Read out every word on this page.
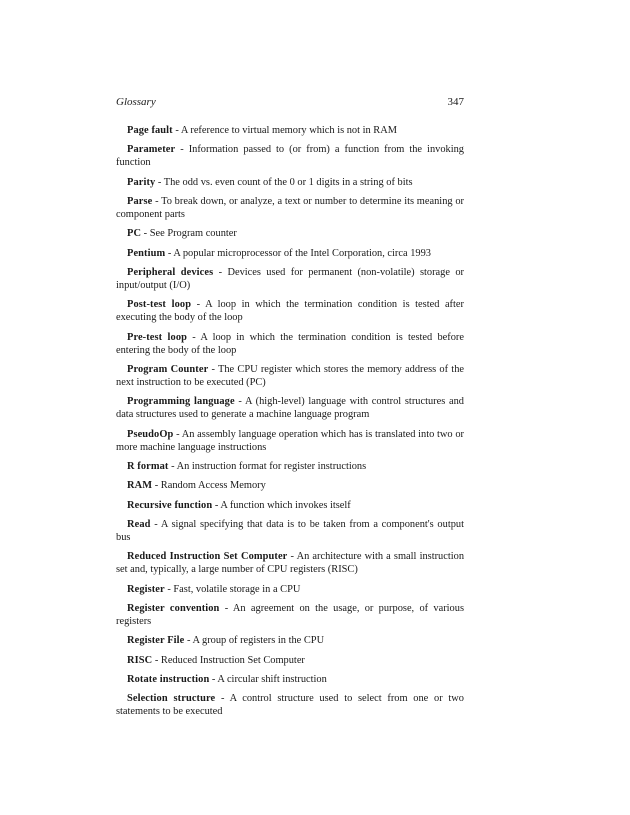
Glossary	347

Page fault - A reference to virtual memory which is not in RAM

Parameter - Information passed to (or from) a function from the invoking function

Parity - The odd vs. even count of the 0 or 1 digits in a string of bits

Parse - To break down, or analyze, a text or number to determine its meaning or component parts

PC - See Program counter

Pentium - A popular microprocessor of the Intel Corporation, circa 1993

Peripheral devices - Devices used for permanent (non-volatile) storage or input/output (I/O)

Post-test loop - A loop in which the termination condition is tested after executing the body of the loop

Pre-test loop - A loop in which the termination condition is tested before entering the body of the loop

Program Counter - The CPU register which stores the memory address of the next instruction to be executed (PC)

Programming language - A (high-level) language with control structures and data structures used to generate a machine language program

PseudoOp - An assembly language operation which has is translated into two or more machine language instructions

R format - An instruction format for register instructions

RAM - Random Access Memory

Recursive function - A function which invokes itself

Read - A signal specifying that data is to be taken from a component's output bus

Reduced Instruction Set Computer - An architecture with a small instruction set and, typically, a large number of CPU registers (RISC)

Register - Fast, volatile storage in a CPU

Register convention - An agreement on the usage, or purpose, of various registers

Register File - A group of registers in the CPU

RISC - Reduced Instruction Set Computer

Rotate instruction - A circular shift instruction

Selection structure - A control structure used to select from one or two statements to be executed
